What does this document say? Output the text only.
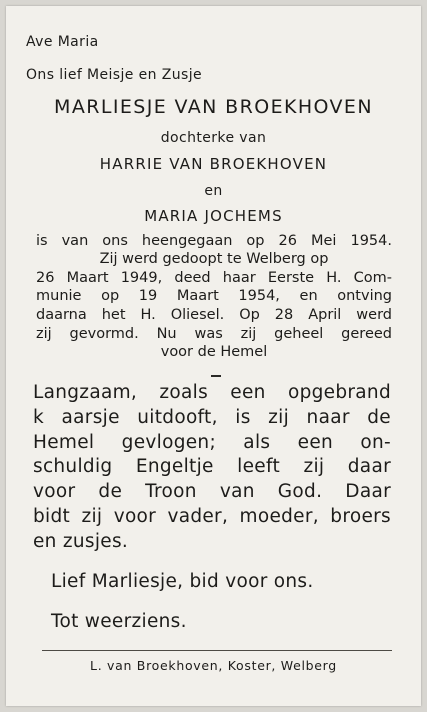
Ave Maria

Ons lief Meisje en Zusje

MARLIESJE VAN BROEKHOVEN

dochterke van

HARRIE VAN BROEKHOVEN

en

MARIA JOCHEMS

is van ons heengegaan op 26 Mei 1954.

Zij werd gedoopt te Welberg op

26 Maart 1949, deed haar Eerste H. Com-

munie op 19 Maart 1954, en ontving

daarna het H. Oliesel. Op 28 April werd

zij gevormd. Nu was zij geheel gereed

voor de Hemel

Langzaam, zoals een opgebrand

k aarsje uitdooft, is zij naar de

Hemel gevlogen; als een on-

schuldig Engeltje leeft zij daar

voor de Troon van God. Daar

bidt zij voor vader, moeder, broers

en zusjes.

Lief Marliesje, bid voor ons.

Tot weerziens.

L. van Broekhoven, Koster, Welberg
